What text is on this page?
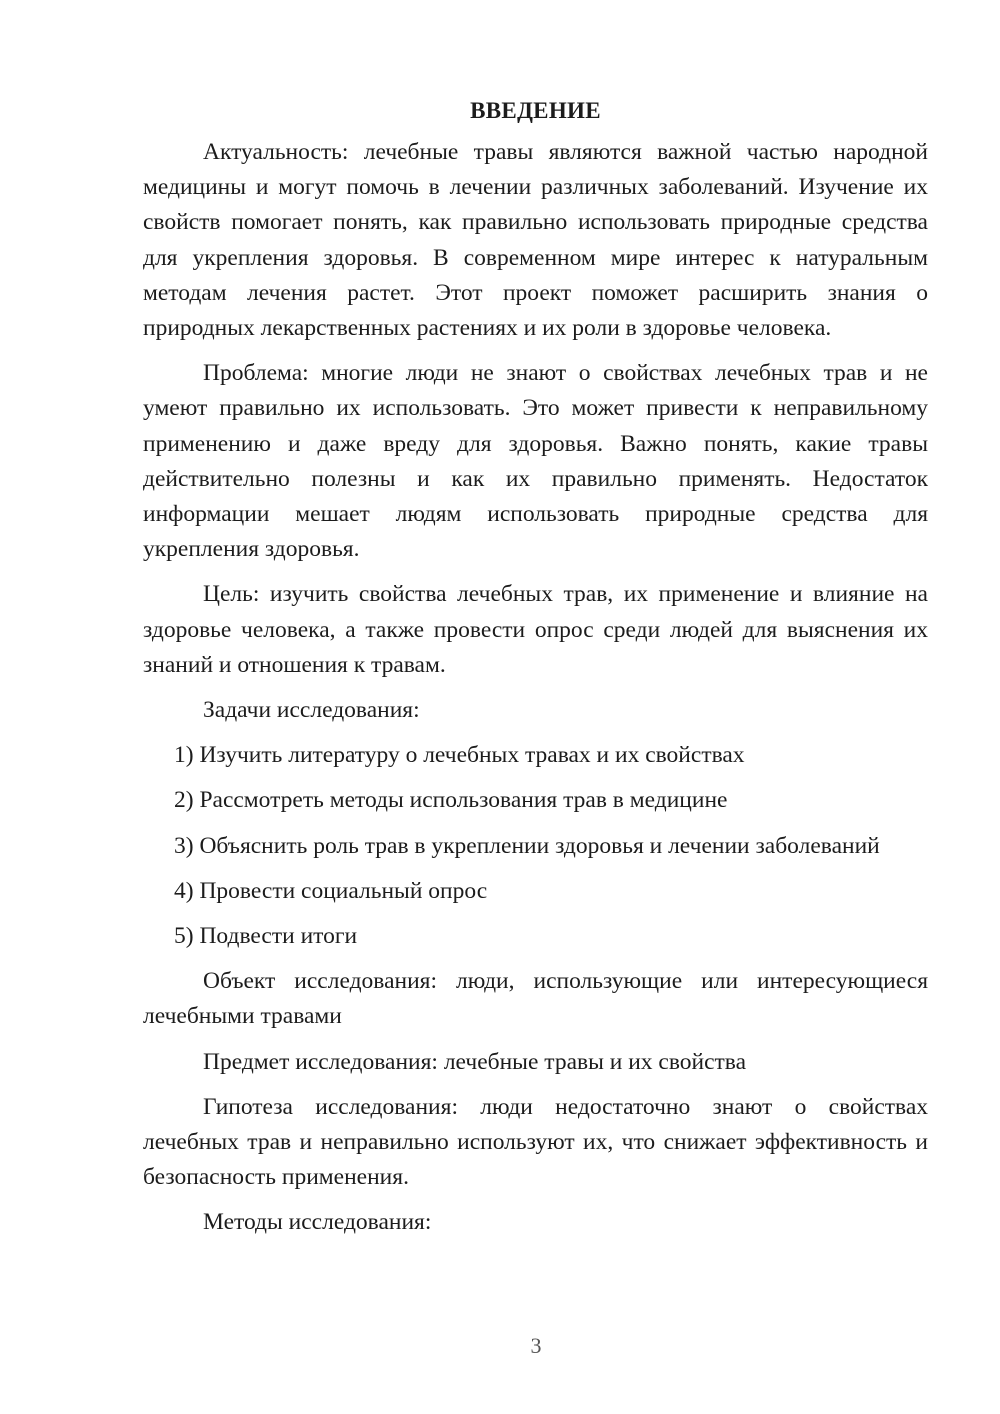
ВВЕДЕНИЕ

Актуальность: лечебные травы являются важной частью народной медицины и могут помочь в лечении различных заболеваний. Изучение их свойств помогает понять, как правильно использовать природные средства для укрепления здоровья. В современном мире интерес к натуральным методам лечения растет. Этот проект поможет расширить знания о природных лекарственных растениях и их роли в здоровье человека.

Проблема: многие люди не знают о свойствах лечебных трав и не умеют правильно их использовать. Это может привести к неправильному применению и даже вреду для здоровья. Важно понять, какие травы действительно полезны и как их правильно применять. Недостаток информации мешает людям использовать природные средства для укрепления здоровья.

Цель: изучить свойства лечебных трав, их применение и влияние на здоровье человека, а также провести опрос среди людей для выяснения их знаний и отношения к травам.

Задачи исследования:

1) Изучить литературу о лечебных травах и их свойствах

2) Рассмотреть методы использования трав в медицине

3) Объяснить роль трав в укреплении здоровья и лечении заболеваний

4) Провести социальный опрос

5) Подвести итоги

Объект исследования: люди, использующие или интересующиеся лечебными травами

Предмет исследования: лечебные травы и их свойства

Гипотеза исследования: люди недостаточно знают о свойствах лечебных трав и неправильно используют их, что снижает эффективность и безопасность применения.

Методы исследования:

3
